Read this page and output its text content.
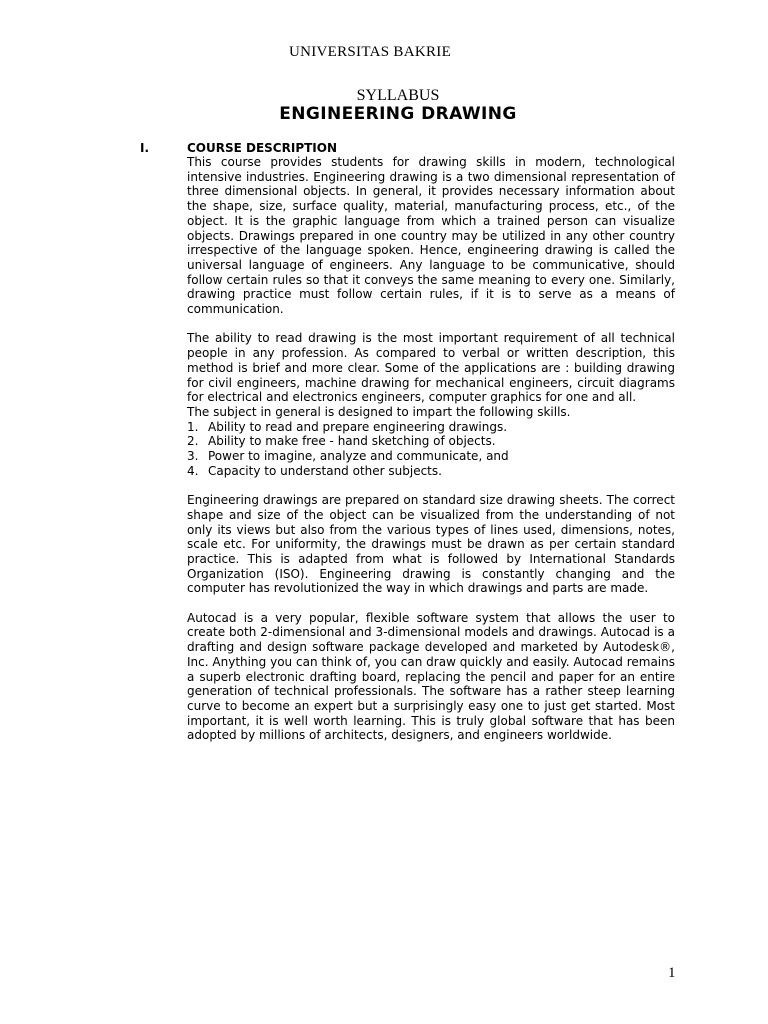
UNIVERSITAS BAKRIE
SYLLABUS
ENGINEERING DRAWING
I.	COURSE DESCRIPTION

This course provides students for drawing skills in modern, technological intensive industries. Engineering drawing is a two dimensional representation of three dimensional objects. In general, it provides necessary information about the shape, size, surface quality, material, manufacturing process, etc., of the object. It is the graphic language from which a trained person can visualize objects. Drawings prepared in one country may be utilized in any other country irrespective of the language spoken. Hence, engineering drawing is called the universal language of engineers. Any language to be communicative, should follow certain rules so that it conveys the same meaning to every one. Similarly, drawing practice must follow certain rules, if it is to serve as a means of communication.

The ability to read drawing is the most important requirement of all technical people in any profession. As compared to verbal or written description, this method is brief and more clear. Some of the applications are : building drawing for civil engineers, machine drawing for mechanical engineers, circuit diagrams for electrical and electronics engineers, computer graphics for one and all.

The subject in general is designed to impart the following skills.

1. Ability to read and prepare engineering drawings.
2. Ability to make free - hand sketching of objects.
3. Power to imagine, analyze and communicate, and
4. Capacity to understand other subjects.

Engineering drawings are prepared on standard size drawing sheets. The correct shape and size of the object can be visualized from the understanding of not only its views but also from the various types of lines used, dimensions, notes, scale etc. For uniformity, the drawings must be drawn as per certain standard practice. This is adapted from what is followed by International Standards Organization (ISO). Engineering drawing is constantly changing and the computer has revolutionized the way in which drawings and parts are made.

Autocad is a very popular, flexible software system that allows the user to create both 2-dimensional and 3-dimensional models and drawings. Autocad is a drafting and design software package developed and marketed by Autodesk®, Inc. Anything you can think of, you can draw quickly and easily. Autocad remains a superb electronic drafting board, replacing the pencil and paper for an entire generation of technical professionals. The software has a rather steep learning curve to become an expert but a surprisingly easy one to just get started. Most important, it is well worth learning. This is truly global software that has been adopted by millions of architects, designers, and engineers worldwide.

1
